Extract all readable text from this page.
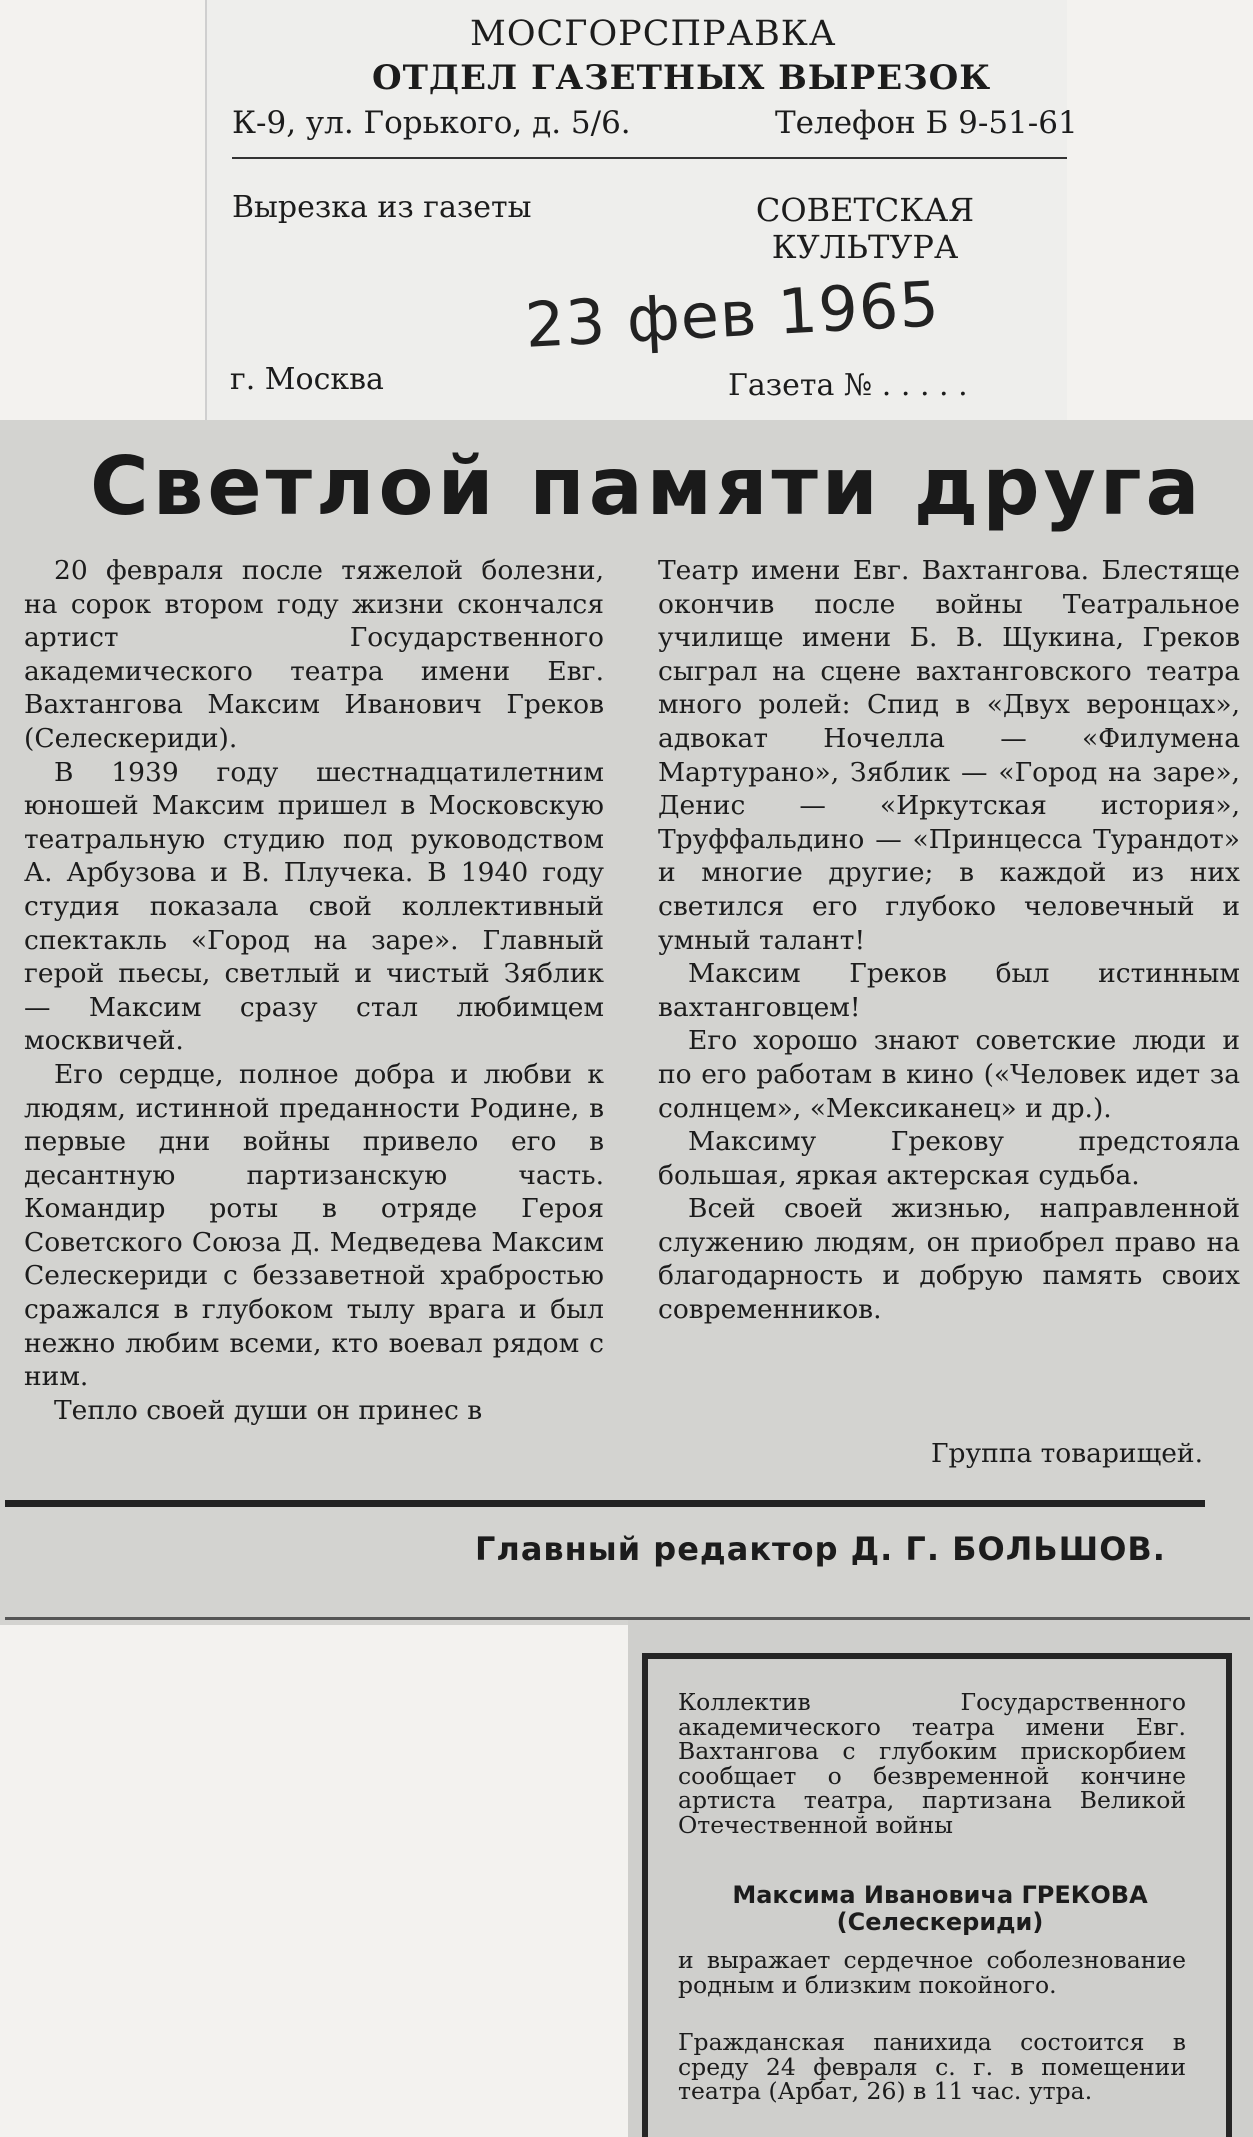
МОСГОРСПРАВКА
ОТДЕЛ ГАЗЕТНЫХ ВЫРЕЗОК
К-9, ул. Горького, д. 5/6.	Телефон Б 9-51-61
Вырезка из газеты	СОВЕТСКАЯ
КУЛЬТУРА
23 фев 1965
г. Москва	Газета № . . . . .
Светлой памяти друга

20 февраля после тяжелой болезни, на сорок втором году жизни скончался артист Государственного академического театра имени Евг. Вахтангова Максим Иванович Греков (Селескериди).

В 1939 году шестнадцатилетним юношей Максим пришел в Московскую театральную студию под руководством А. Арбузова и В. Плучека. В 1940 году студия показала свой коллективный спектакль «Город на заре». Главный герой пьесы, светлый и чистый Зяблик — Максим сразу стал любимцем москвичей.

Его сердце, полное добра и любви к людям, истинной преданности Родине, в первые дни войны привело его в десантную партизанскую часть. Командир роты в отряде Героя Советского Союза Д. Медведева Максим Селескериди с беззаветной храбростью сражался в глубоком тылу врага и был нежно любим всеми, кто воевал рядом с ним.

Тепло своей души он принес в

Театр имени Евг. Вахтангова. Блестяще окончив после войны Театральное училище имени Б. В. Щукина, Греков сыграл на сцене вахтанговского театра много ролей: Спид в «Двух веронцах», адвокат Ночелла — «Филумена Мартурано», Зяблик — «Город на заре», Денис — «Иркутская история», Труффальдино — «Принцесса Турандот» и многие другие; в каждой из них светился его глубоко человечный и умный талант!

Максим Греков был истинным вахтанговцем!

Его хорошо знают советские люди и по его работам в кино («Человек идет за солнцем», «Мексиканец» и др.).

Максиму Грекову предстояла большая, яркая актерская судьба.

Всей своей жизнью, направленной служению людям, он приобрел право на благодарность и добрую память своих современников.

Группа товарищей.
Главный редактор Д. Г. БОЛЬШОВ.
Коллектив Государственного академического театра имени Евг. Вахтангова с глубоким прискорбием сообщает о безвременной кончине артиста театра, партизана Великой Отечественной войны
Максима Ивановича ГРЕКОВА
(Селескериди)
и выражает сердечное соболезнование родным и близким покойного.
Гражданская панихида состоится в среду 24 февраля с. г. в помещении театра (Арбат, 26) в 11 час. утра.
